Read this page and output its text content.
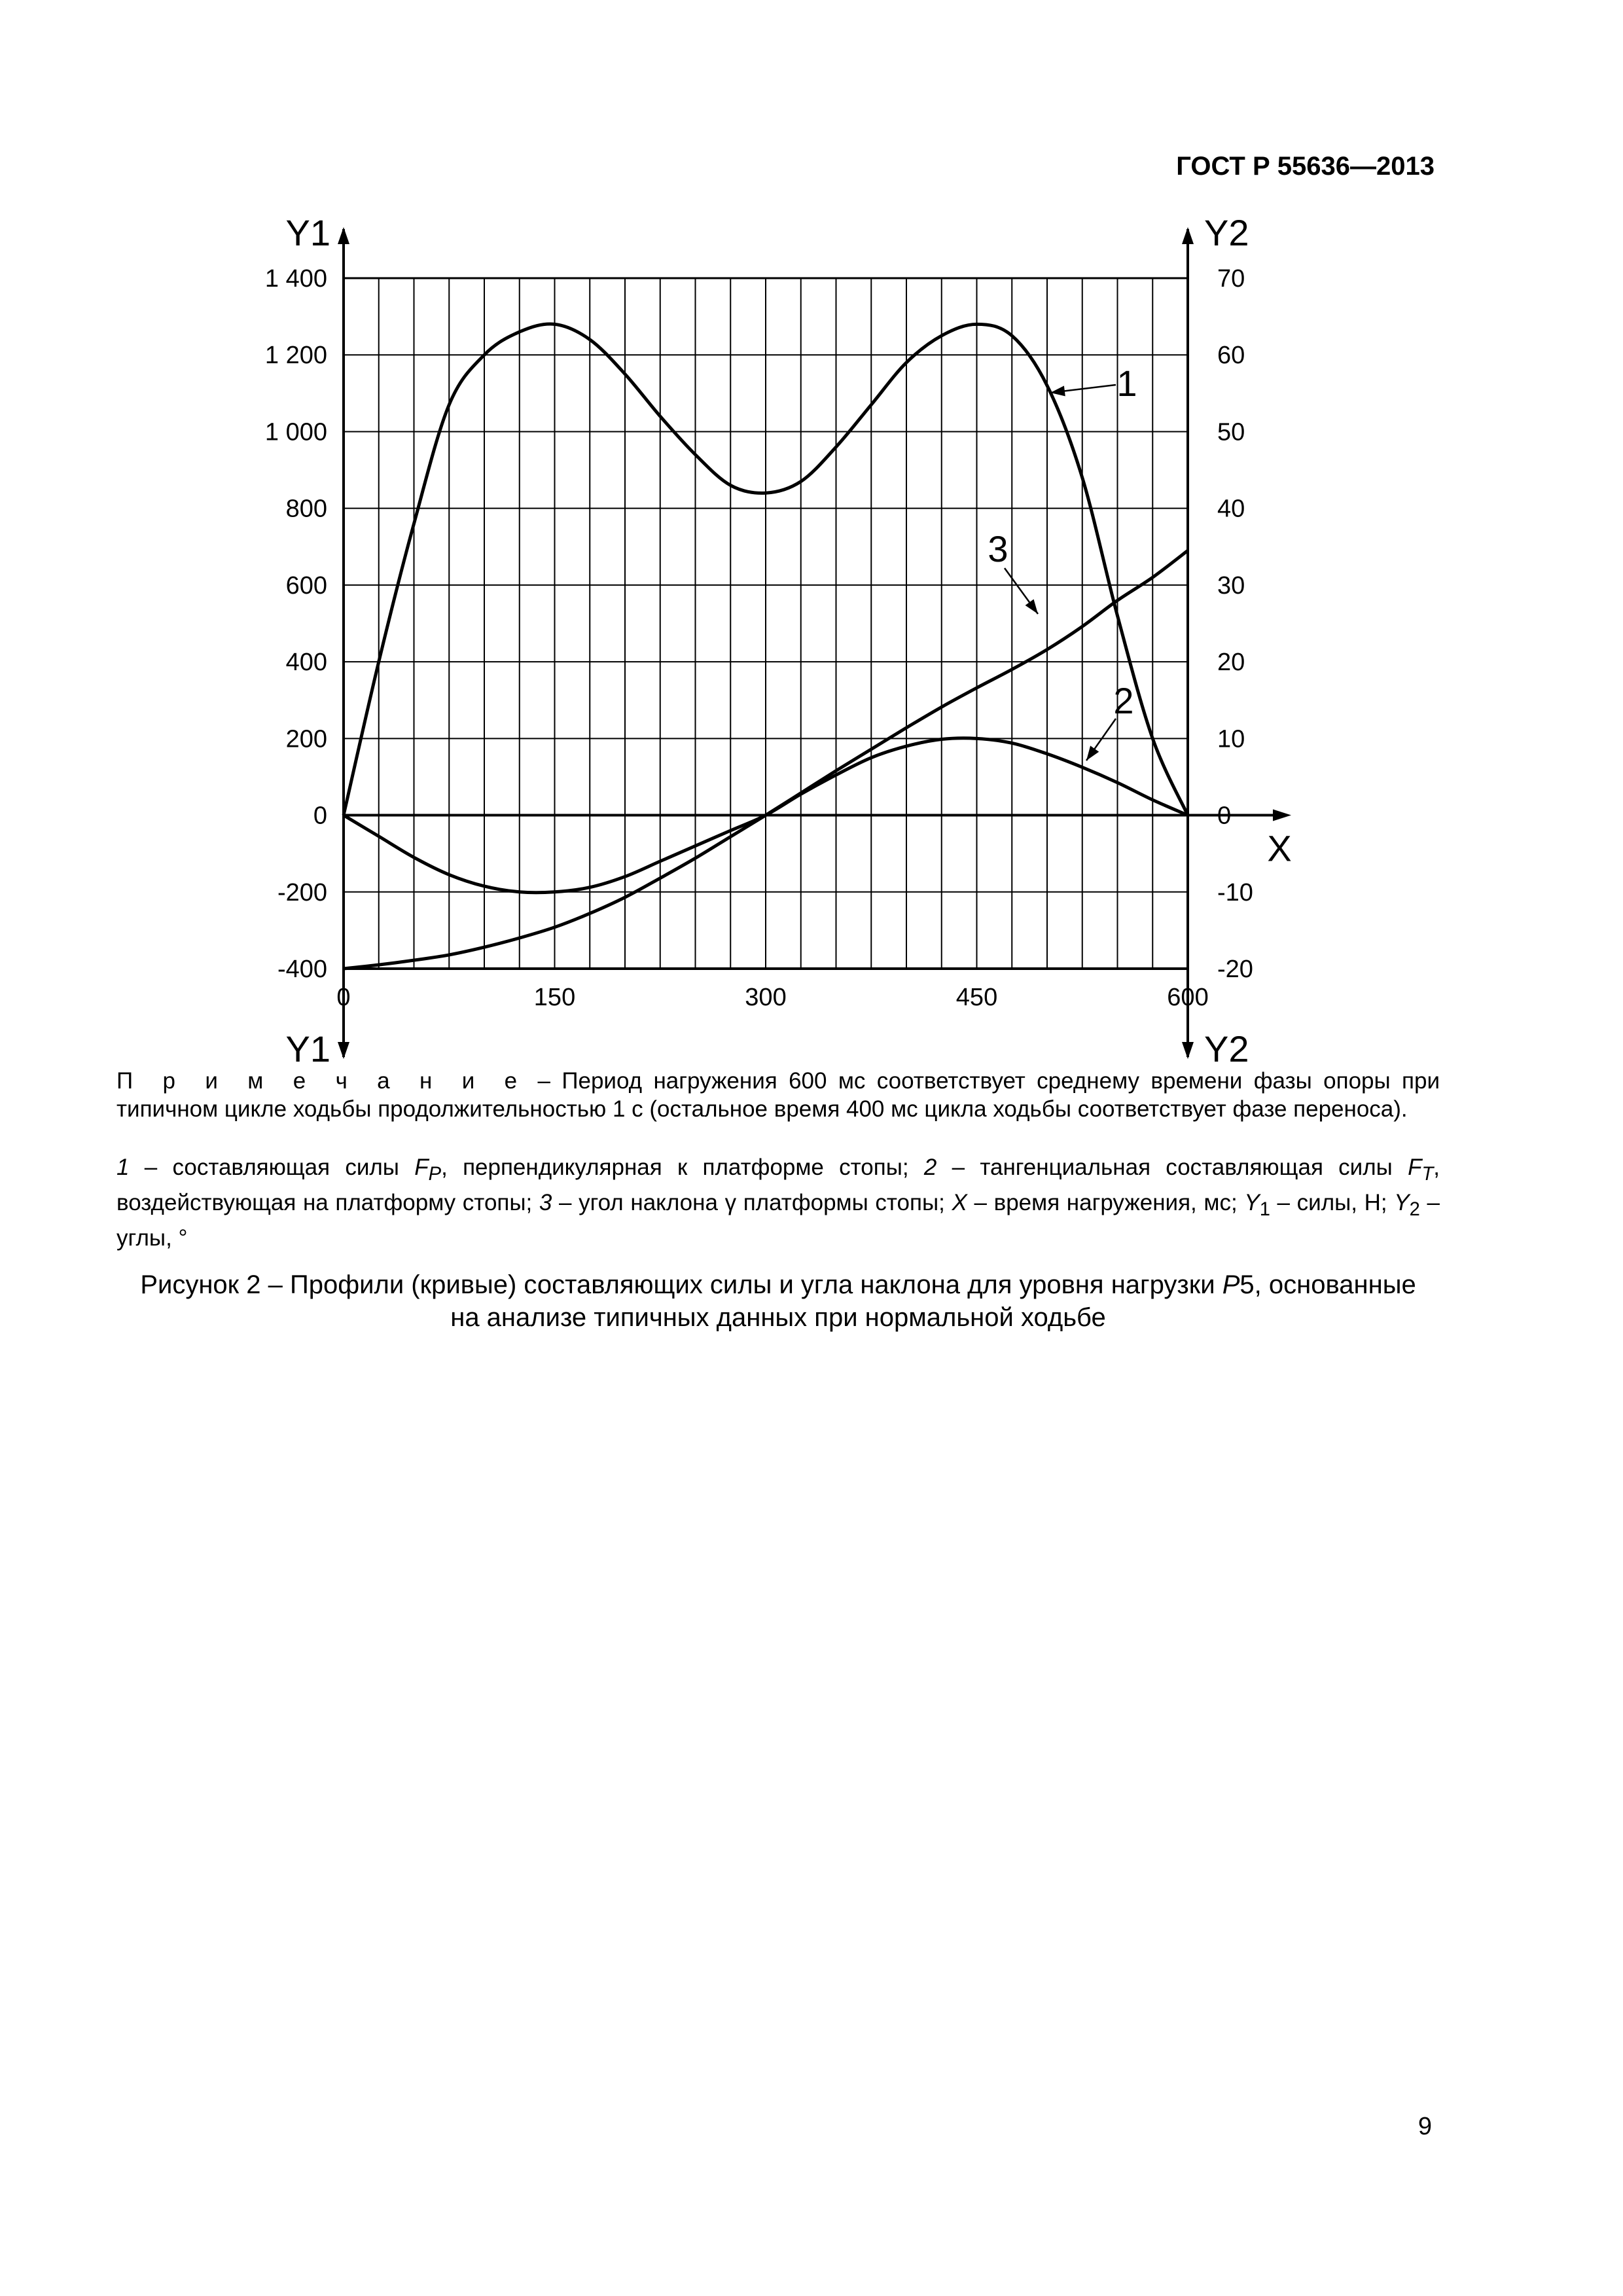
ГОСТ Р 55636—2013
Y1	Y2
Y1	Y2
X
-400
-200
0
200
400
600
800
1 000
1 200
1 400
-20
-10
0
10
20
30
40
50
60
70
0	150	300	450	600
1
2
3
П р и м е ч а н и е – Период нагружения 600 мс соответствует среднему времени фазы опоры при типичном цикле ходьбы продолжительностью 1 с (остальное время 400 мс цикла ходьбы соответствует фазе переноса).
1 – составляющая силы $F_P$, перпендикулярная к платформе стопы; 2 – тангенциальная составляющая силы $F_T$, воздействующая на платформу стопы; 3 – угол наклона γ платформы стопы; X – время нагружения, мс; $Y_1$ – силы, Н; $Y_2$ – углы, °
Рисунок 2 – Профили (кривые) составляющих силы и угла наклона для уровня нагрузки P5, основанные
на анализе типичных данных при нормальной ходьбе
9
